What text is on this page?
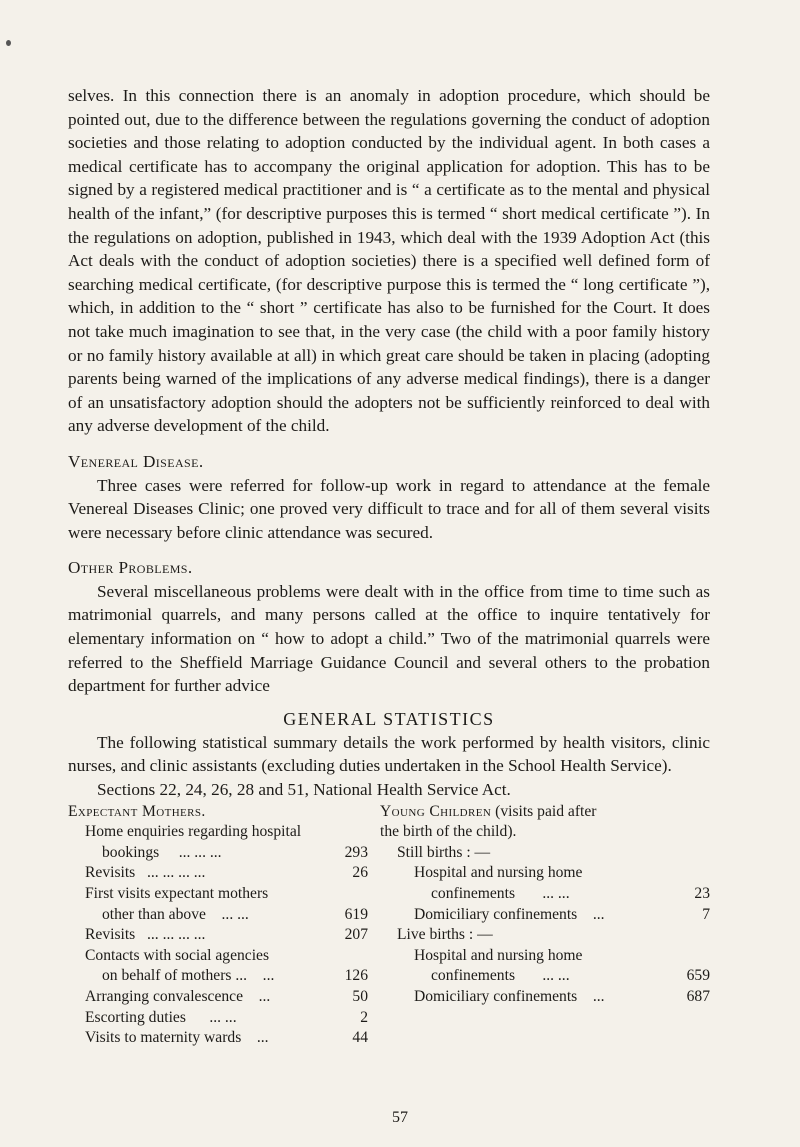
selves. In this connection there is an anomaly in adoption procedure, which should be pointed out, due to the difference between the regulations governing the conduct of adoption societies and those relating to adoption conducted by the individual agent. In both cases a medical certificate has to accompany the original application for adoption. This has to be signed by a registered medical practitioner and is “ a certificate as to the mental and physical health of the infant,” (for descriptive purposes this is termed “ short medical certificate ”). In the regulations on adoption, published in 1943, which deal with the 1939 Adoption Act (this Act deals with the conduct of adoption societies) there is a specified well defined form of searching medical certificate, (for descriptive purpose this is termed the “ long certificate ”), which, in addition to the “ short ” certificate has also to be furnished for the Court. It does not take much imagination to see that, in the very case (the child with a poor family history or no family history available at all) in which great care should be taken in placing (adopting parents being warned of the implications of any adverse medical findings), there is a danger of an unsatisfactory adoption should the adopters not be sufficiently reinforced to deal with any adverse development of the child.

Venereal Disease.

Three cases were referred for follow-up work in regard to attendance at the female Venereal Diseases Clinic; one proved very difficult to trace and for all of them several visits were necessary before clinic attendance was secured.

Other Problems.

Several miscellaneous problems were dealt with in the office from time to time such as matrimonial quarrels, and many persons called at the office to inquire tentatively for elementary information on “ how to adopt a child.” Two of the matrimonial quarrels were referred to the Sheffield Marriage Guidance Council and several others to the probation department for further advice

GENERAL STATISTICS

The following statistical summary details the work performed by health visitors, clinic nurses, and clinic assistants (excluding duties undertaken in the School Health Service).

Sections 22, 24, 26, 28 and 51, National Health Service Act.
Expectant Mothers.
Home enquiries regarding hospital
bookings ... ... ...	293
Revisits ... ... ... ...	26
First visits expectant mothers
other than above ... ...	619
Revisits ... ... ... ...	207
Contacts with social agencies
on behalf of mothers ... ...	126
Arranging convalescence ...	50
Escorting duties ... ...	2
Visits to maternity wards ...	44
Young Children (visits paid after
the birth of the child).
Still births : —
Hospital and nursing home
confinements ... ...	23
Domiciliary confinements ...	7
Live births : —
Hospital and nursing home
confinements ... ...	659
Domiciliary confinements ...	687
57
